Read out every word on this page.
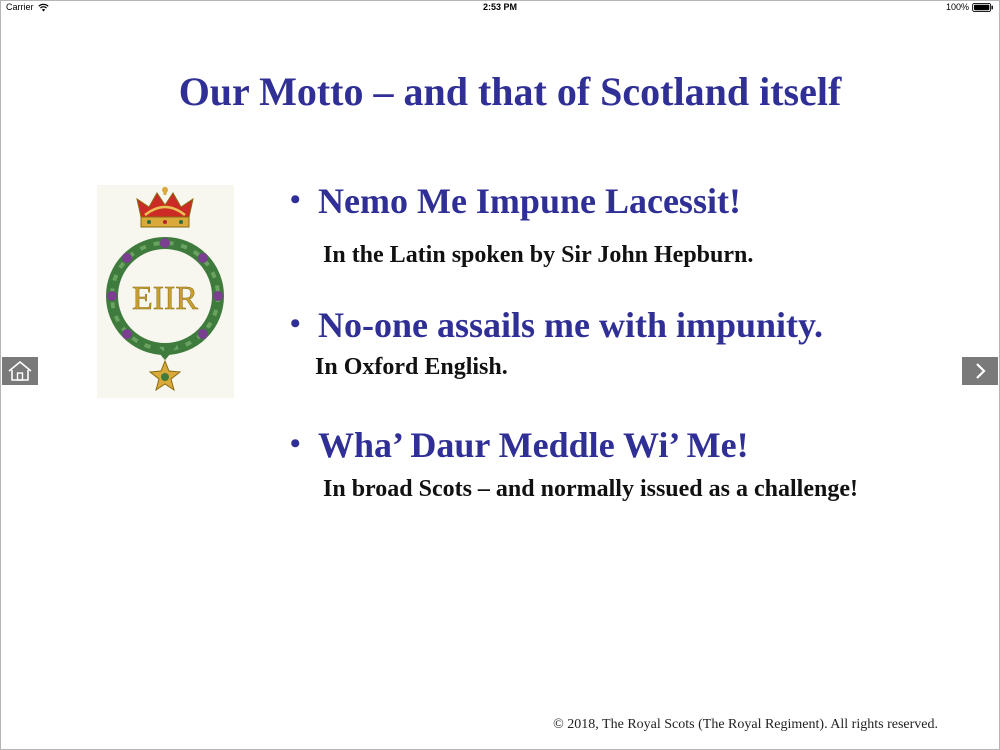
Carrier	2:53 PM	100%
Our Motto – and that of Scotland itself
EIIR
• Nemo Me Impune Lacessit!
In the Latin spoken by Sir John Hepburn.
• No-one assails me with impunity.
In Oxford English.
• Wha’ Daur Meddle Wi’ Me!
In broad Scots – and normally issued as a challenge!
© 2018, The Royal Scots (The Royal Regiment). All rights reserved.
